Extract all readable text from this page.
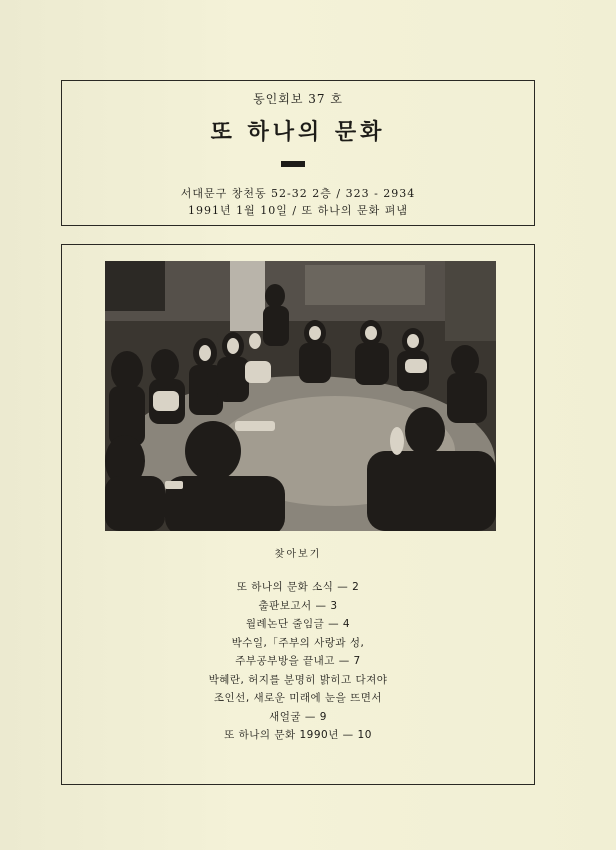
동인회보 37 호
또 하나의 문화
서대문구 창천동 52-32 2층 / 323 - 2934
1991년 1월 10일 / 또 하나의 문화 펴냄
찾아보기
또 하나의 문화 소식 — 2
출판보고서 — 3
월례논단 줄임글 — 4
박수일,「주부의 사랑과 성,
주부공부방을 끝내고 — 7
박혜란, 허지를 분명히 밝히고 다져야
조인선, 새로운 미래에 눈을 뜨면서
새얼굴 — 9
또 하나의 문화 1990년 — 10
